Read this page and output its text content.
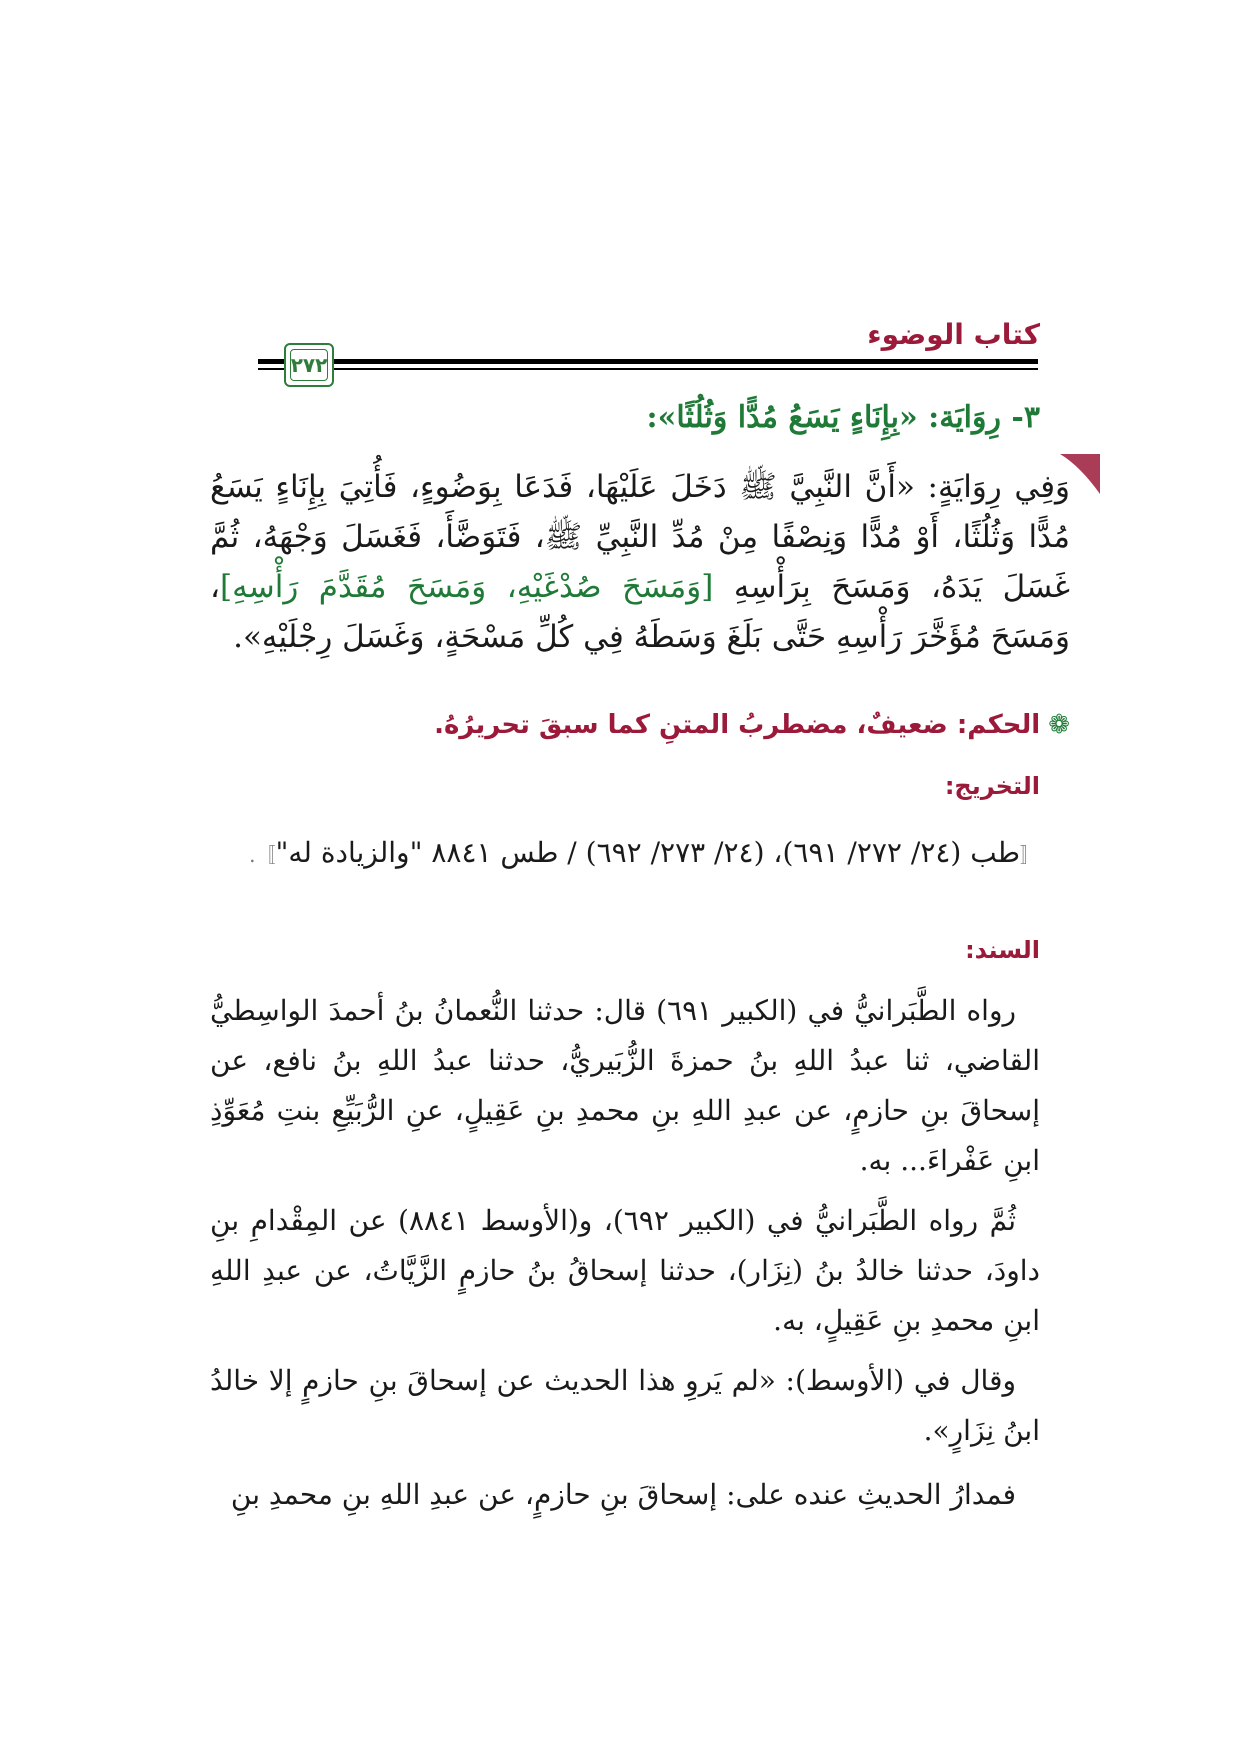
كتاب الوضوء
٢٧٢
٣- رِوَايَة: «بِإِنَاءٍ يَسَعُ مُدًّا وَثُلُثًا»:
وَفِي رِوَايَةٍ: «أَنَّ النَّبِيَّ ﷺ دَخَلَ عَلَيْهَا، فَدَعَا بِوَضُوءٍ، فَأُتِيَ بِإِنَاءٍ يَسَعُ مُدًّا وَثُلُثًا، أَوْ مُدًّا وَنِصْفًا مِنْ مُدِّ النَّبِيِّ ﷺ، فَتَوَضَّأَ، فَغَسَلَ وَجْهَهُ، ثُمَّ غَسَلَ يَدَهُ، وَمَسَحَ بِرَأْسِهِ [وَمَسَحَ صُدْغَيْهِ، وَمَسَحَ مُقَدَّمَ رَأْسِهِ]، وَمَسَحَ مُؤَخَّرَ رَأْسِهِ حَتَّى بَلَغَ وَسَطَهُ فِي كُلِّ مَسْحَةٍ، وَغَسَلَ رِجْلَيْهِ».
❁الحكم: ضعيفٌ، مضطربُ المتنِ كما سبقَ تحريرُهُ.
التخريج:
〚طب (٢٤/ ٢٧٢/ ٦٩١)، (٢٤/ ٢٧٣/ ٦٩٢) / طس ٨٨٤١ "والزيادة له"〛.
السند:
رواه الطَّبَرانيُّ في (الكبير ٦٩١) قال: حدثنا النُّعمانُ بنُ أحمدَ الواسِطيُّ القاضي، ثنا عبدُ اللهِ بنُ حمزةَ الزُّبَيريُّ، حدثنا عبدُ اللهِ بنُ نافع، عن إسحاقَ بنِ حازمٍ، عن عبدِ اللهِ بنِ محمدِ بنِ عَقِيلٍ، عنِ الرُّبَيِّعِ بنتِ مُعَوِّذِ ابنِ عَفْراءَ... به.
ثُمَّ رواه الطَّبَرانيُّ في (الكبير ٦٩٢)، و(الأوسط ٨٨٤١) عن المِقْدامِ بنِ داودَ، حدثنا خالدُ بنُ (نِزَار)، حدثنا إسحاقُ بنُ حازمٍ الزَّيَّاتُ، عن عبدِ اللهِ ابنِ محمدِ بنِ عَقِيلٍ، به.
وقال في (الأوسط): «لم يَروِ هذا الحديث عن إسحاقَ بنِ حازمٍ إلا خالدُ ابنُ نِزَارٍ».
فمدارُ الحديثِ عنده على: إسحاقَ بنِ حازمٍ، عن عبدِ اللهِ بنِ محمدِ بنِ
